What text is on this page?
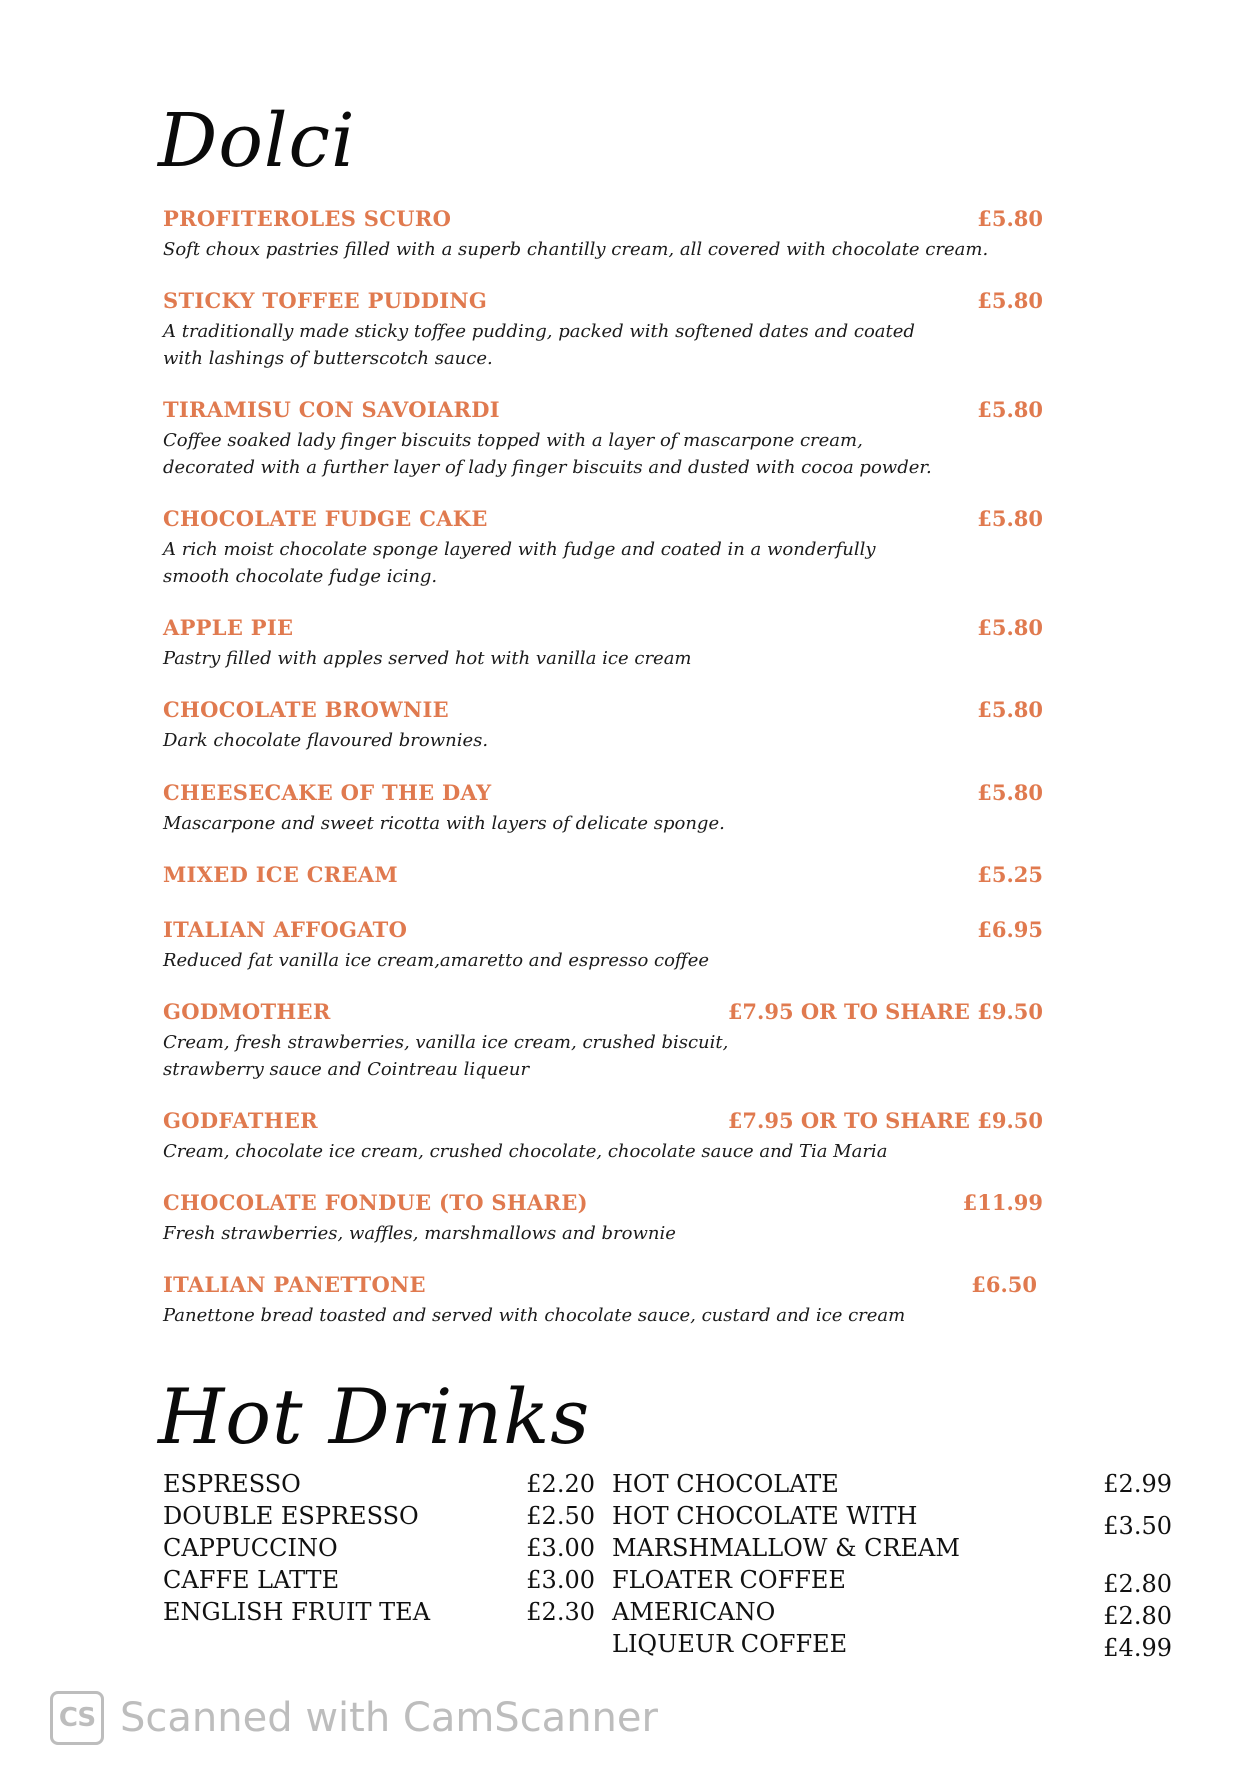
Dolci
PROFITEROLES SCURO	£5.80
Soft choux pastries filled with a superb chantilly cream, all covered with chocolate cream.
STICKY TOFFEE PUDDING	£5.80
A traditionally made sticky toffee pudding, packed with softened dates and coated
with lashings of butterscotch sauce.
TIRAMISU CON SAVOIARDI	£5.80
Coffee soaked lady finger biscuits topped with a layer of mascarpone cream,
decorated with a further layer of lady finger biscuits and dusted with cocoa powder.
CHOCOLATE FUDGE CAKE	£5.80
A rich moist chocolate sponge layered with fudge and coated in a wonderfully
smooth chocolate fudge icing.
APPLE PIE	£5.80
Pastry filled with apples served hot with vanilla ice cream
CHOCOLATE BROWNIE	£5.80
Dark chocolate flavoured brownies.
CHEESECAKE OF THE DAY	£5.80
Mascarpone and sweet ricotta with layers of delicate sponge.
MIXED ICE CREAM	£5.25
ITALIAN AFFOGATO	£6.95
Reduced fat vanilla ice cream,amaretto and espresso coffee
GODMOTHER	£7.95 OR TO SHARE £9.50
Cream, fresh strawberries, vanilla ice cream, crushed biscuit,
strawberry sauce and Cointreau liqueur
GODFATHER	£7.95 OR TO SHARE £9.50
Cream, chocolate ice cream, crushed chocolate, chocolate sauce and Tia Maria
CHOCOLATE FONDUE (TO SHARE)	£11.99
Fresh strawberries, waffles, marshmallows and brownie
ITALIAN PANETTONE	£6.50
Panettone bread toasted and served with chocolate sauce, custard and ice cream
Hot Drinks
ESPRESSO	£2.20
DOUBLE ESPRESSO	£2.50
CAPPUCCINO	£3.00
CAFFE LATTE	£3.00
ENGLISH FRUIT TEA	£2.30
HOT CHOCOLATE	£2.99
HOT CHOCOLATE WITH	£3.50
MARSHMALLOW & CREAM
FLOATER COFFEE	£2.80
AMERICANO	£2.80
LIQUEUR COFFEE	£4.99
CS Scanned with CamScanner
